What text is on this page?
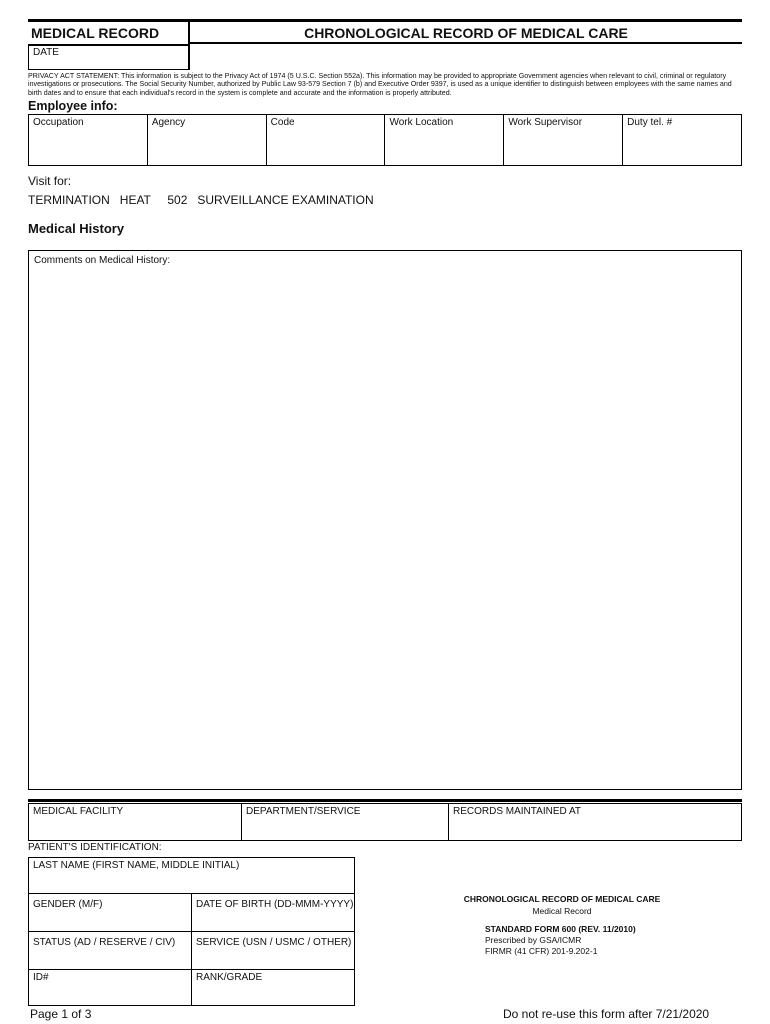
MEDICAL RECORD	CHRONOLOGICAL RECORD OF MEDICAL CARE
DATE
PRIVACY ACT STATEMENT: This information is subject to the Privacy Act of 1974 (5 U.S.C. Section 552a). This information may be provided to appropriate Government agencies when relevant to civil, criminal or regulatory investigations or prosecutions. The Social Security Number, authorized by Public Law 93-579 Section 7 (b) and Executive Order 9397, is used as a unique identifier to distinguish between employees with the same names and birth dates and to ensure that each individual's record in the system is complete and accurate and the information is properly attributed.
Employee info:
Occupation	Agency	Code	Work Location	Work Supervisor	Duty tel. #
Visit for:
TERMINATION   HEAT     502   SURVEILLANCE EXAMINATION
Medical History
Comments on Medical History:
MEDICAL FACILITY	DEPARTMENT/SERVICE	RECORDS MAINTAINED AT
PATIENT'S IDENTIFICATION:
LAST NAME (FIRST NAME, MIDDLE INITIAL)
GENDER (M/F)	DATE OF BIRTH (DD-MMM-YYYY)
STATUS (AD / RESERVE / CIV)	SERVICE (USN / USMC / OTHER)
ID#	RANK/GRADE
CHRONOLOGICAL RECORD OF MEDICAL CARE
Medical Record
STANDARD FORM 600 (REV. 11/2010)
Prescribed by GSA/ICMR
FIRMR (41 CFR) 201-9.202-1
Page 1 of 3	Do not re-use this form after 7/21/2020
